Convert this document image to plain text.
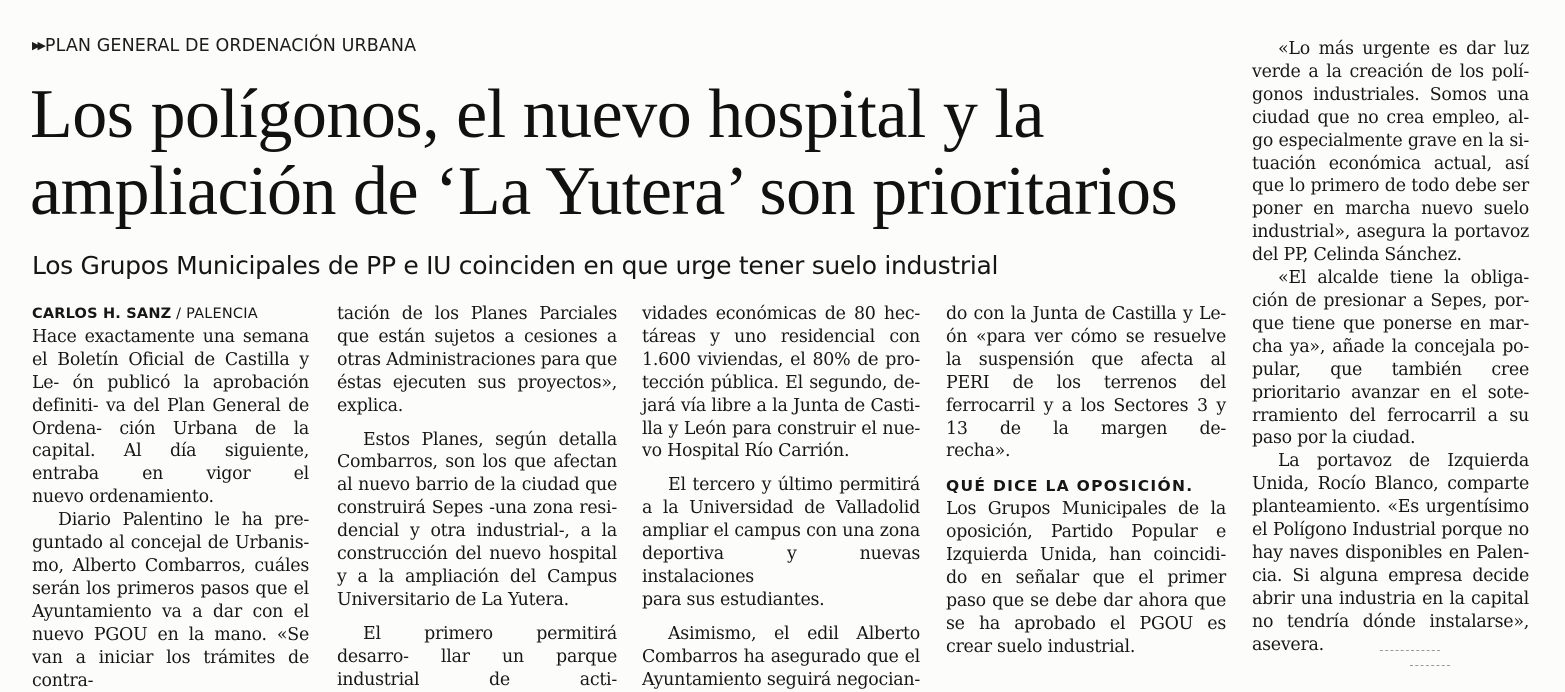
▶▶ PLAN GENERAL DE ORDENACIÓN URBANA
Los polígonos, el nuevo hospital y la
ampliación de ‘La Yutera’ son prioritarios
Los Grupos Municipales de PP e IU coinciden en que urge tener suelo industrial
CARLOS H. SANZ / PALENCIA

Hace exactamente una semana el Boletín Oficial de Castilla y Le- ón publicó la aprobación definiti- va del Plan General de Ordena- ción Urbana de la capital. Al día siguiente, entraba en vigor el

nuevo ordenamiento.

Diario Palentino le ha pre- guntado al concejal de Urbanis- mo, Alberto Combarros, cuáles serán los primeros pasos que el Ayuntamiento va a dar con el nuevo PGOU en la mano. «Se van a iniciar los trámites de contra-

tación de los Planes Parciales que están sujetos a cesiones a otras Administraciones para que éstas ejecuten sus proyectos»,

explica.

Estos Planes, según detalla Combarros, son los que afectan al nuevo barrio de la ciudad que construirá Sepes -una zona resi- dencial y otra industrial-, a la construcción del nuevo hospital y a la ampliación del Campus

Universitario de La Yutera.

El primero permitirá desarro- llar un parque industrial de acti-

vidades económicas de 80 hec- táreas y uno residencial con 1.600 viviendas, el 80% de pro- tección pública. El segundo, de- jará vía libre a la Junta de Casti- lla y León para construir el nue-

vo Hospital Río Carrión.

El tercero y último permitirá a la Universidad de Valladolid ampliar el campus con una zona deportiva y nuevas instalaciones

para sus estudiantes.

Asimismo, el edil Alberto Combarros ha asegurado que el Ayuntamiento seguirá negocian-

do con la Junta de Castilla y Le- ón «para ver cómo se resuelve la suspensión que afecta al PERI de los terrenos del ferrocarril y a los Sectores 3 y 13 de la margen de-

recha».

QUÉ DICE LA OPOSICIÓN.

Los Grupos Municipales de la oposición, Partido Popular e Izquierda Unida, han coincidi- do en señalar que el primer paso que se debe dar ahora que se ha aprobado el PGOU es

crear suelo industrial.

«Lo más urgente es dar luz verde a la creación de los polí- gonos industriales. Somos una ciudad que no crea empleo, al- go especialmente grave en la si- tuación económica actual, así que lo primero de todo debe ser poner en marcha nuevo suelo industrial», asegura la portavoz

del PP, Celinda Sánchez.

«El alcalde tiene la obliga- ción de presionar a Sepes, por- que tiene que ponerse en mar- cha ya», añade la concejala po- pular, que también cree prioritario avanzar en el sote- rramiento del ferrocarril a su

paso por la ciudad.

La portavoz de Izquierda Unida, Rocío Blanco, comparte planteamiento. «Es urgentísimo el Polígono Industrial porque no hay naves disponibles en Palen- cia. Si alguna empresa decide abrir una industria en la capital no tendría dónde instalarse»,

asevera.
